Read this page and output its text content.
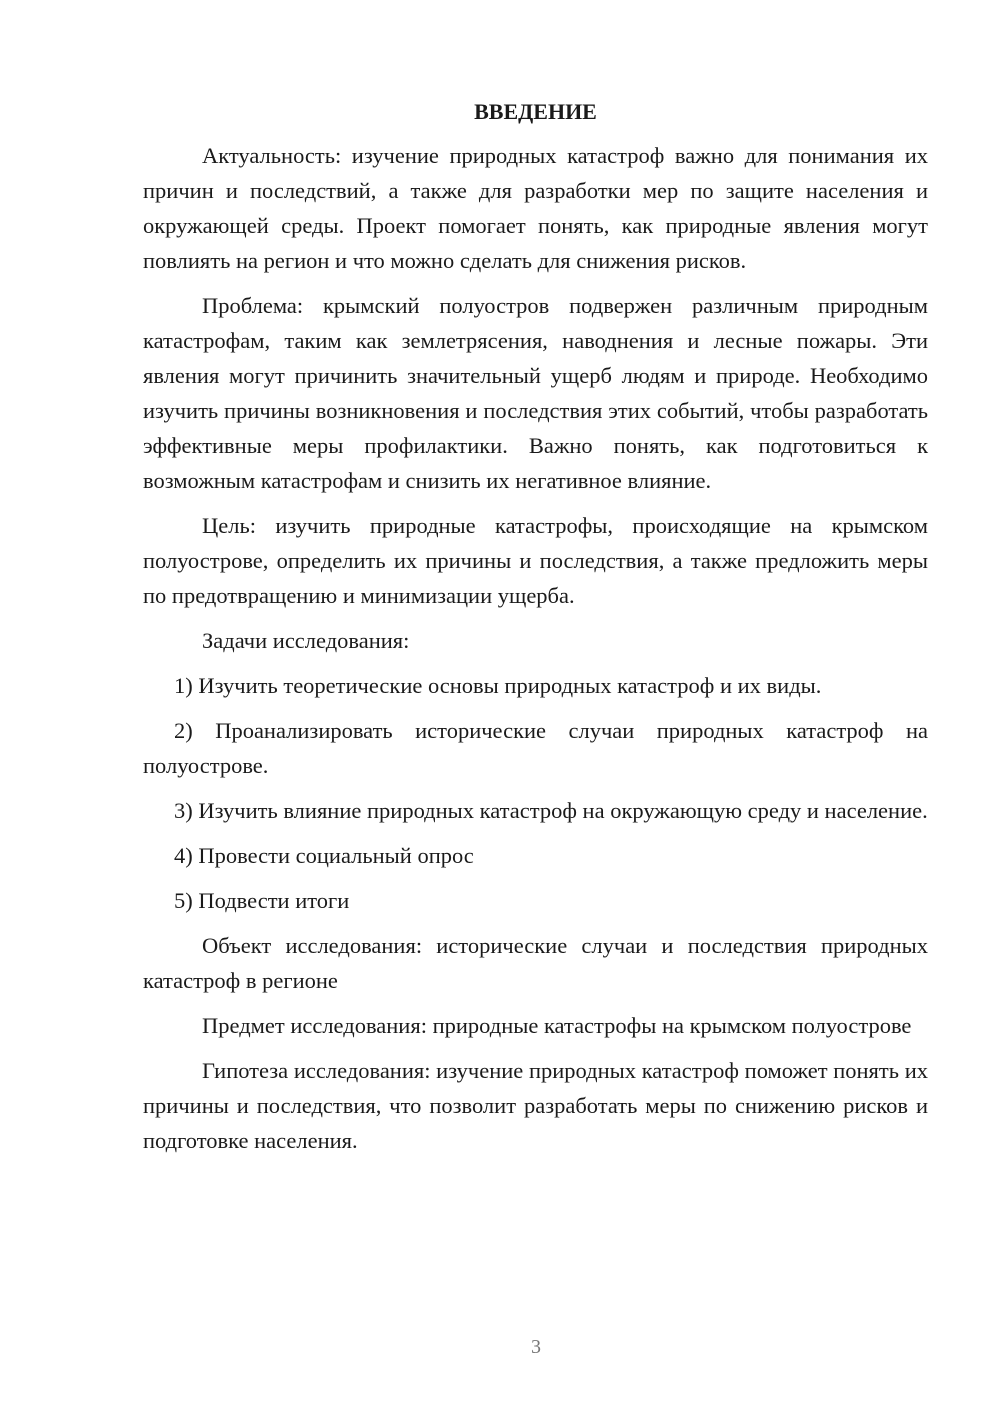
ВВЕДЕНИЕ

Актуальность: изучение природных катастроф важно для понимания их причин и последствий, а также для разработки мер по защите населения и окружающей среды. Проект помогает понять, как природные явления могут повлиять на регион и что можно сделать для снижения рисков.

Проблема: крымский полуостров подвержен различным природным катастрофам, таким как землетрясения, наводнения и лесные пожары. Эти явления могут причинить значительный ущерб людям и природе. Необходимо изучить причины возникновения и последствия этих событий, чтобы разработать эффективные меры профилактики. Важно понять, как подготовиться к возможным катастрофам и снизить их негативное влияние.

Цель: изучить природные катастрофы, происходящие на крымском полуострове, определить их причины и последствия, а также предложить меры по предотвращению и минимизации ущерба.

Задачи исследования:

1) Изучить теоретические основы природных катастроф и их виды.

2) Проанализировать исторические случаи природных катастроф на полуострове.

3) Изучить влияние природных катастроф на окружающую среду и население.

4) Провести социальный опрос

5) Подвести итоги

Объект исследования: исторические случаи и последствия природных катастроф в регионе

Предмет исследования: природные катастрофы на крымском полуострове

Гипотеза исследования: изучение природных катастроф поможет понять их причины и последствия, что позволит разработать меры по снижению рисков и подготовке населения.

3
